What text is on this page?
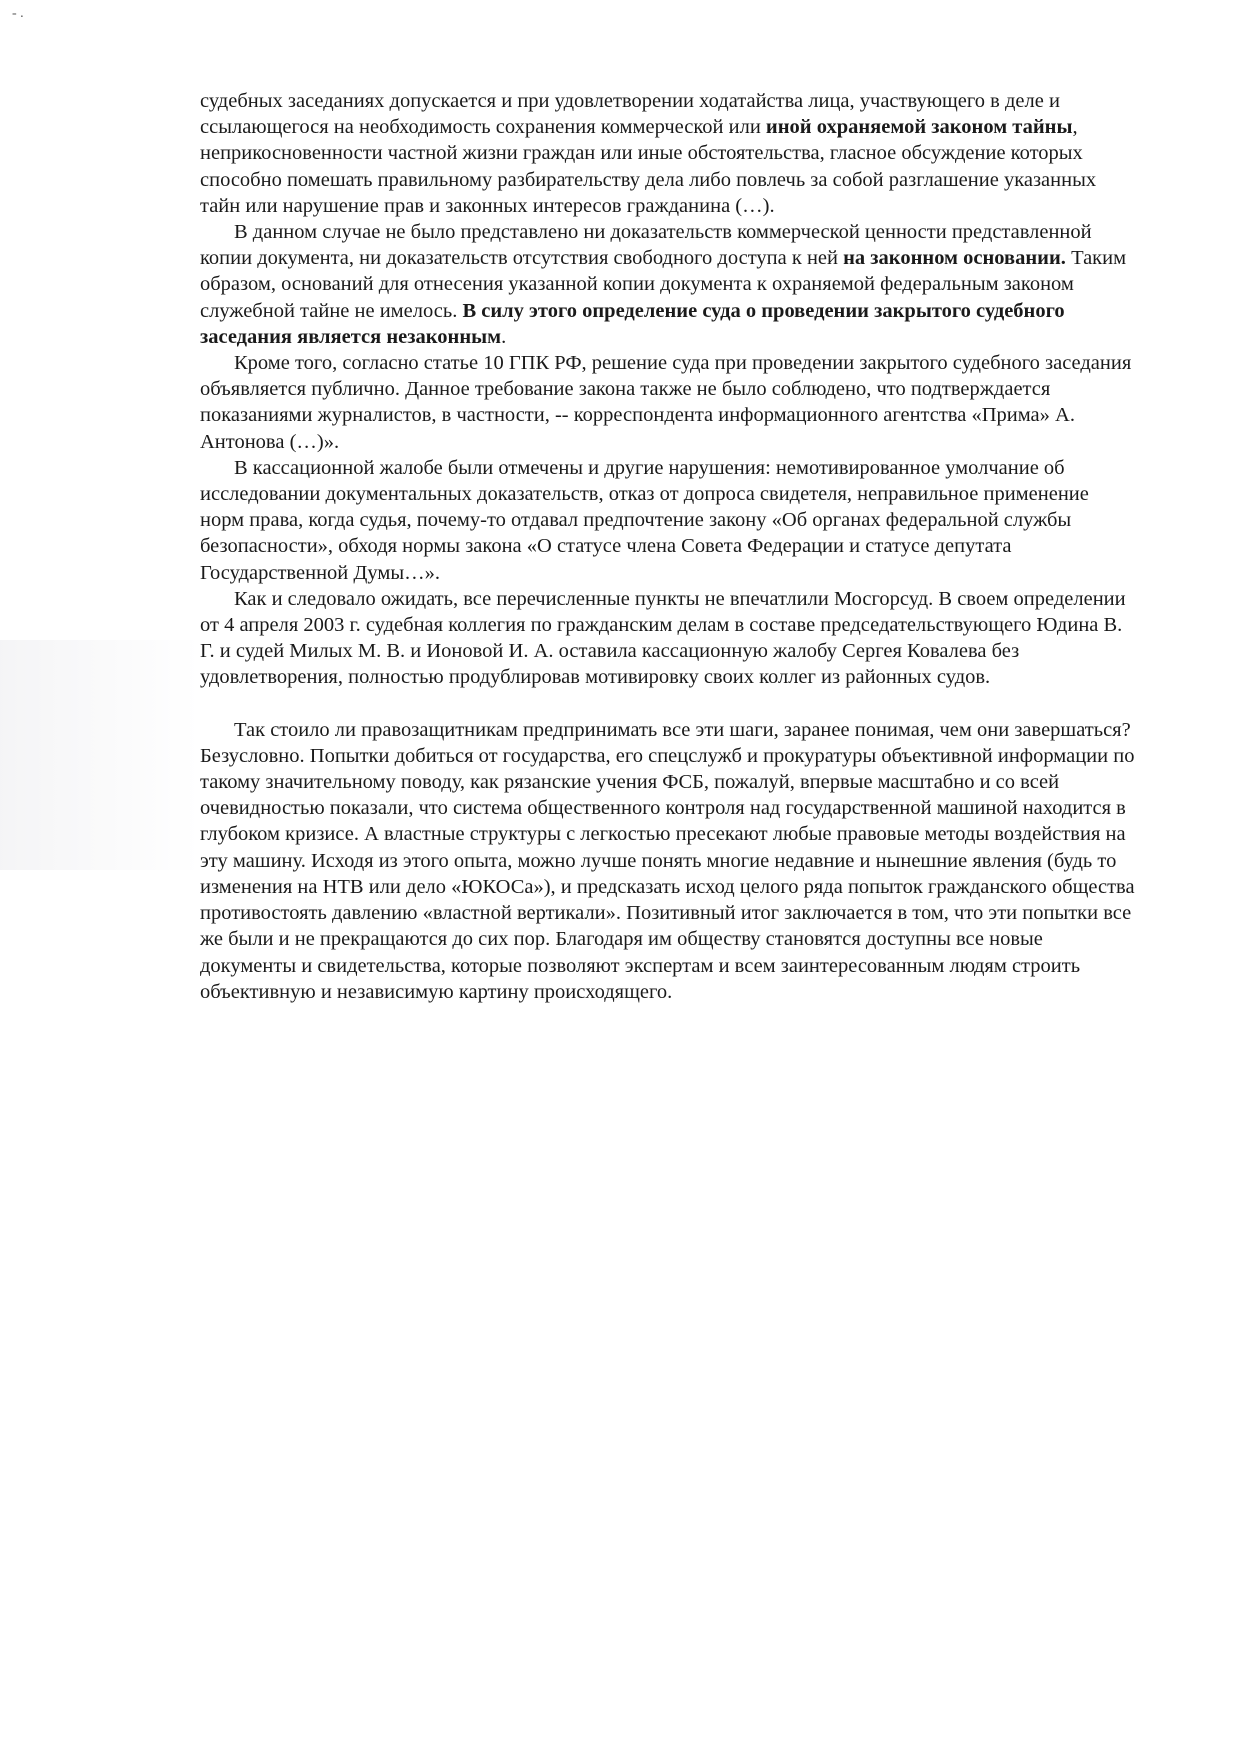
- .

судебных заседаниях допускается и при удовлетворении ходатайства лица, участвующего в деле и ссылающегося на необходимость сохранения коммерческой или иной охраняемой законом тайны, неприкосновенности частной жизни граждан или иные обстоятельства, гласное обсуждение которых способно помешать правильному разбирательству дела либо повлечь за собой разглашение указанных тайн или нарушение прав и законных интересов гражданина (…).

В данном случае не было представлено ни доказательств коммерческой ценности представленной копии документа, ни доказательств отсутствия свободного доступа к ней на законном основании. Таким образом, оснований для отнесения указанной копии документа к охраняемой федеральным законом служебной тайне не имелось. В силу этого определение суда о проведении закрытого судебного заседания является незаконным.

Кроме того, согласно статье 10 ГПК РФ, решение суда при проведении закрытого судебного заседания объявляется публично. Данное требование закона также не было соблюдено, что подтверждается показаниями журналистов, в частности, -- корреспондента информационного агентства «Прима» А. Антонова (…)».

В кассационной жалобе были отмечены и другие нарушения: немотивированное умолчание об исследовании документальных доказательств, отказ от допроса свидетеля, неправильное применение норм права, когда судья, почему-то отдавал предпочтение закону «Об органах федеральной службы безопасности», обходя нормы закона «О статусе члена Совета Федерации и статусе депутата Государственной Думы…».

Как и следовало ожидать, все перечисленные пункты не впечатлили Мосгорсуд. В своем определении от 4 апреля 2003 г. судебная коллегия по гражданским делам в составе председательствующего Юдина В. Г. и судей Милых М. В. и Ионовой И. А. оставила кассационную жалобу Сергея Ковалева без удовлетворения, полностью продублировав мотивировку своих коллег из районных судов.

Так стоило ли правозащитникам предпринимать все эти шаги, заранее понимая, чем они завершаться? Безусловно. Попытки добиться от государства, его спецслужб и прокуратуры объективной информации по такому значительному поводу, как рязанские учения ФСБ, пожалуй, впервые масштабно и со всей очевидностью показали, что система общественного контроля над государственной машиной находится в глубоком кризисе. А властные структуры с легкостью пресекают любые правовые методы воздействия на эту машину. Исходя из этого опыта, можно лучше понять многие недавние и нынешние явления (будь то изменения на НТВ или дело «ЮКОСа»), и предсказать исход целого ряда попыток гражданского общества противостоять давлению «властной вертикали». Позитивный итог заключается в том, что эти попытки все же были и не прекращаются до сих пор. Благодаря им обществу становятся доступны все новые документы и свидетельства, которые позволяют экспертам и всем заинтересованным людям строить объективную и независимую картину происходящего.
